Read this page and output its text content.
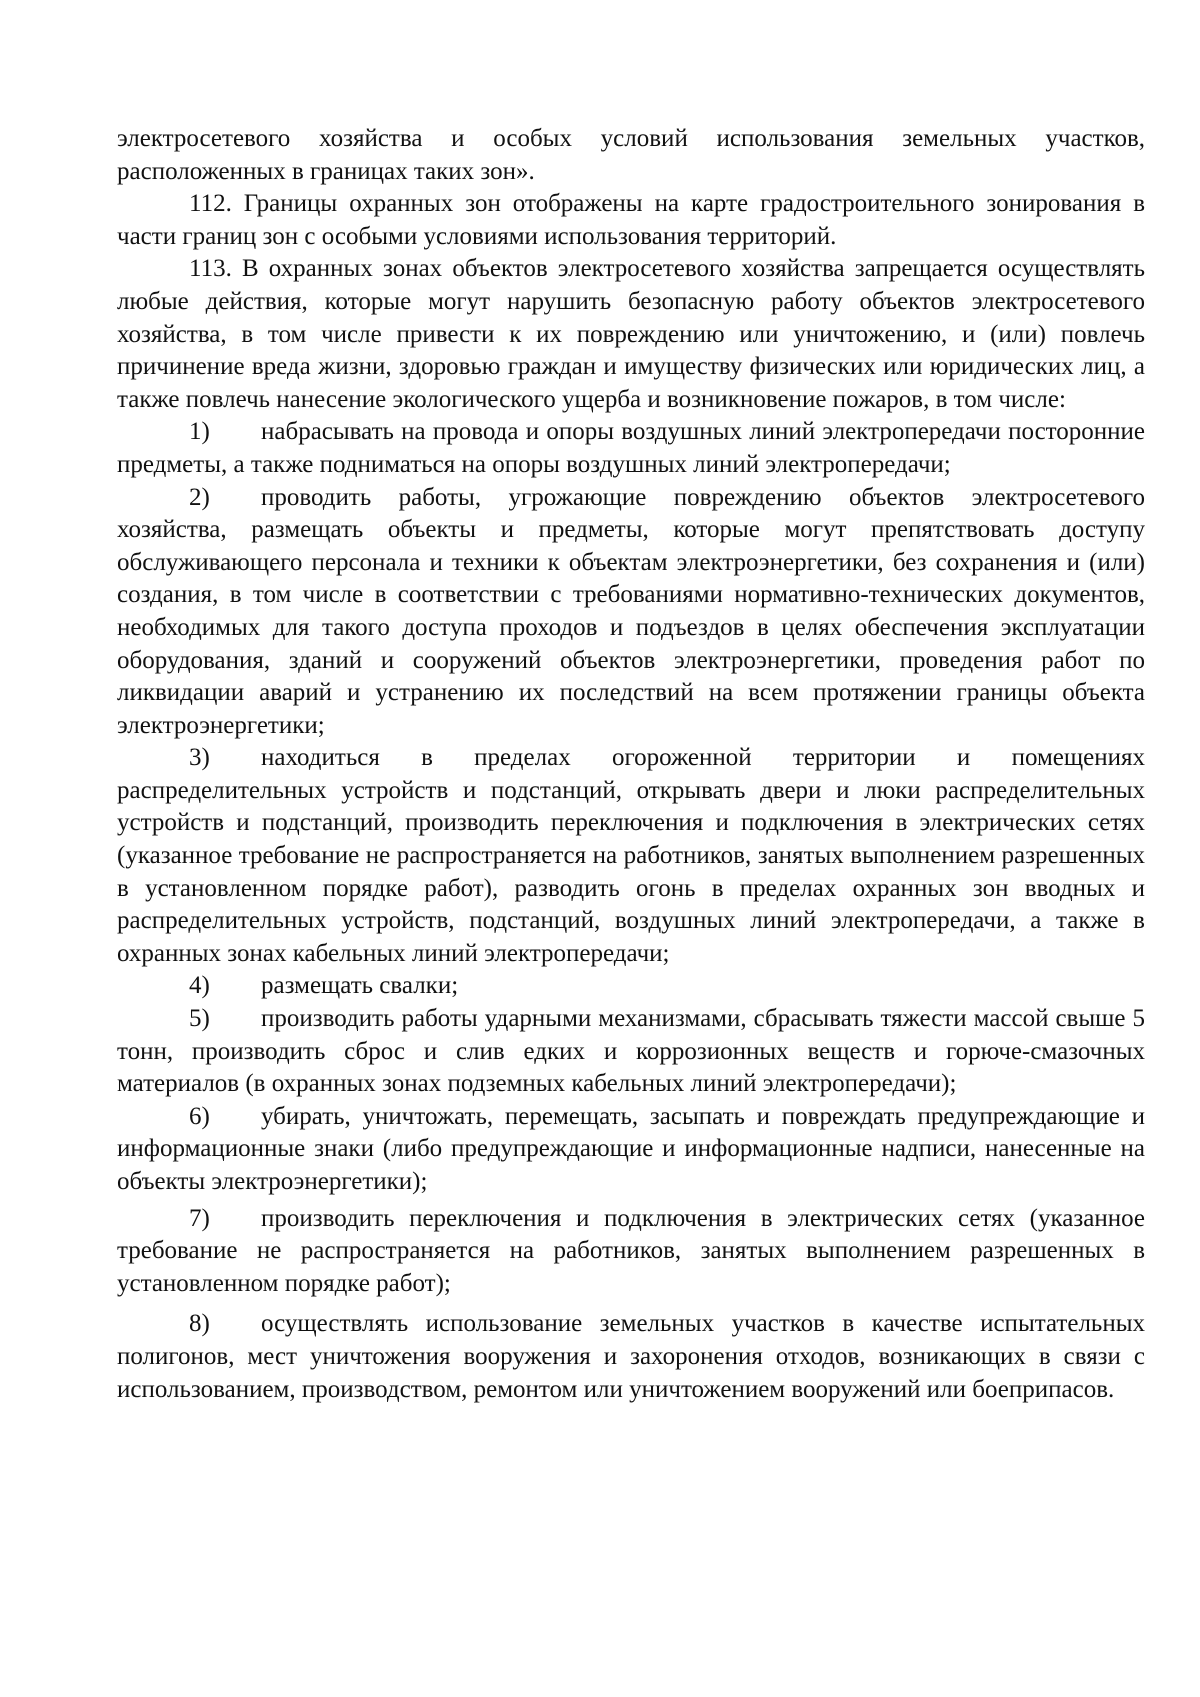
электросетевого хозяйства и особых условий использования земельных участков, расположенных в границах таких зон».

112. Границы охранных зон отображены на карте градостроительного зонирования в части границ зон с особыми условиями использования территорий.

113. В охранных зонах объектов электросетевого хозяйства запрещается осуществлять любые действия, которые могут нарушить безопасную работу объектов электросетевого хозяйства, в том числе привести к их повреждению или уничтожению, и (или) повлечь причинение вреда жизни, здоровью граждан и имуществу физических или юридических лиц, а также повлечь нанесение экологического ущерба и возникновение пожаров, в том числе:

1) набрасывать на провода и опоры воздушных линий электропередачи посторонние предметы, а также подниматься на опоры воздушных линий электропередачи;

2) проводить работы, угрожающие повреждению объектов электросетевого хозяйства, размещать объекты и предметы, которые могут препятствовать доступу обслуживающего персонала и техники к объектам электроэнергетики, без сохранения и (или) создания, в том числе в соответствии с требованиями нормативно-технических документов, необходимых для такого доступа проходов и подъездов в целях обеспечения эксплуатации оборудования, зданий и сооружений объектов электроэнергетики, проведения работ по ликвидации аварий и устранению их последствий на всем протяжении границы объекта электроэнергетики;

3) находиться в пределах огороженной территории и помещениях распределительных устройств и подстанций, открывать двери и люки распределительных устройств и подстанций, производить переключения и подключения в электрических сетях (указанное требование не распространяется на работников, занятых выполнением разрешенных в установленном порядке работ), разводить огонь в пределах охранных зон вводных и распределительных устройств, подстанций, воздушных линий электропередачи, а также в охранных зонах кабельных линий электропередачи;

4) размещать свалки;

5) производить работы ударными механизмами, сбрасывать тяжести массой свыше 5 тонн, производить сброс и слив едких и коррозионных веществ и горюче-смазочных материалов (в охранных зонах подземных кабельных линий электропередачи);

6) убирать, уничтожать, перемещать, засыпать и повреждать предупреждающие и информационные знаки (либо предупреждающие и информационные надписи, нанесенные на объекты электроэнергетики);

7) производить переключения и подключения в электрических сетях (указанное требование не распространяется на работников, занятых выполнением разрешенных в установленном порядке работ);

8) осуществлять использование земельных участков в качестве испытательных полигонов, мест уничтожения вооружения и захоронения отходов, возникающих в связи с использованием, производством, ремонтом или уничтожением вооружений или боеприпасов.
